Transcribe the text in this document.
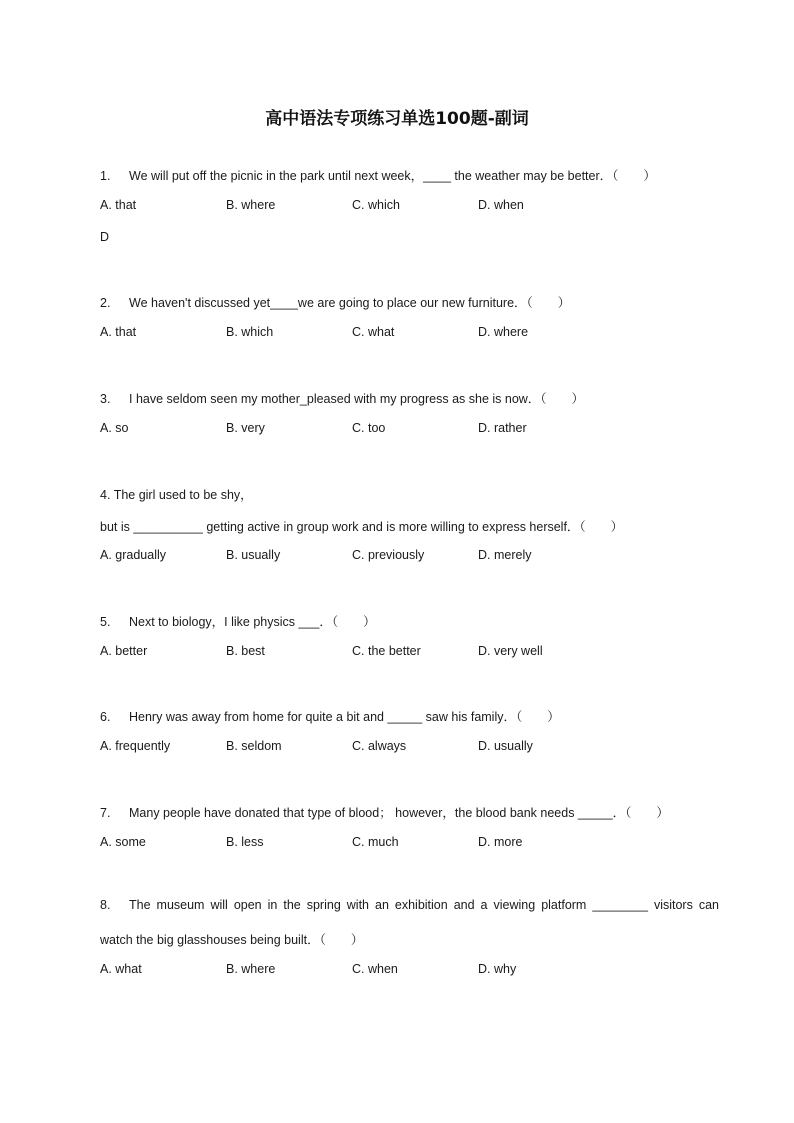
高中语法专项练习单选100题-副词
1. We will put off the picnic in the park until next week，____ the weather may be better．（　　）
A. that	B. where	C. which	D. when
D
2. We haven't discussed yet____we are going to place our new furniture．（　　）
A. that	B. which	C. what	D. where
3. I have seldom seen my mother_pleased with my progress as she is now．（　　）
A. so	B. very	C. too	D. rather
4. The girl used to be shy，
but is __________ getting active in group work and is more willing to express herself．（　　）
A. gradually	B. usually	C. previously	D. merely
5. Next to biology，I like physics ___．（　　）
A. better	B. best	C. the better	D. very well
6. Henry was away from home for quite a bit and _____ saw his family．（　　）
A. frequently	B. seldom	C. always	D. usually
7. Many people have donated that type of blood； however，the blood bank needs _____．（　　）
A. some	B. less	C. much	D. more
8. The museum will open in the spring with an exhibition and a viewing platform ________ visitors can
watch the big glasshouses being built．（　　）
A. what	B. where	C. when	D. why
